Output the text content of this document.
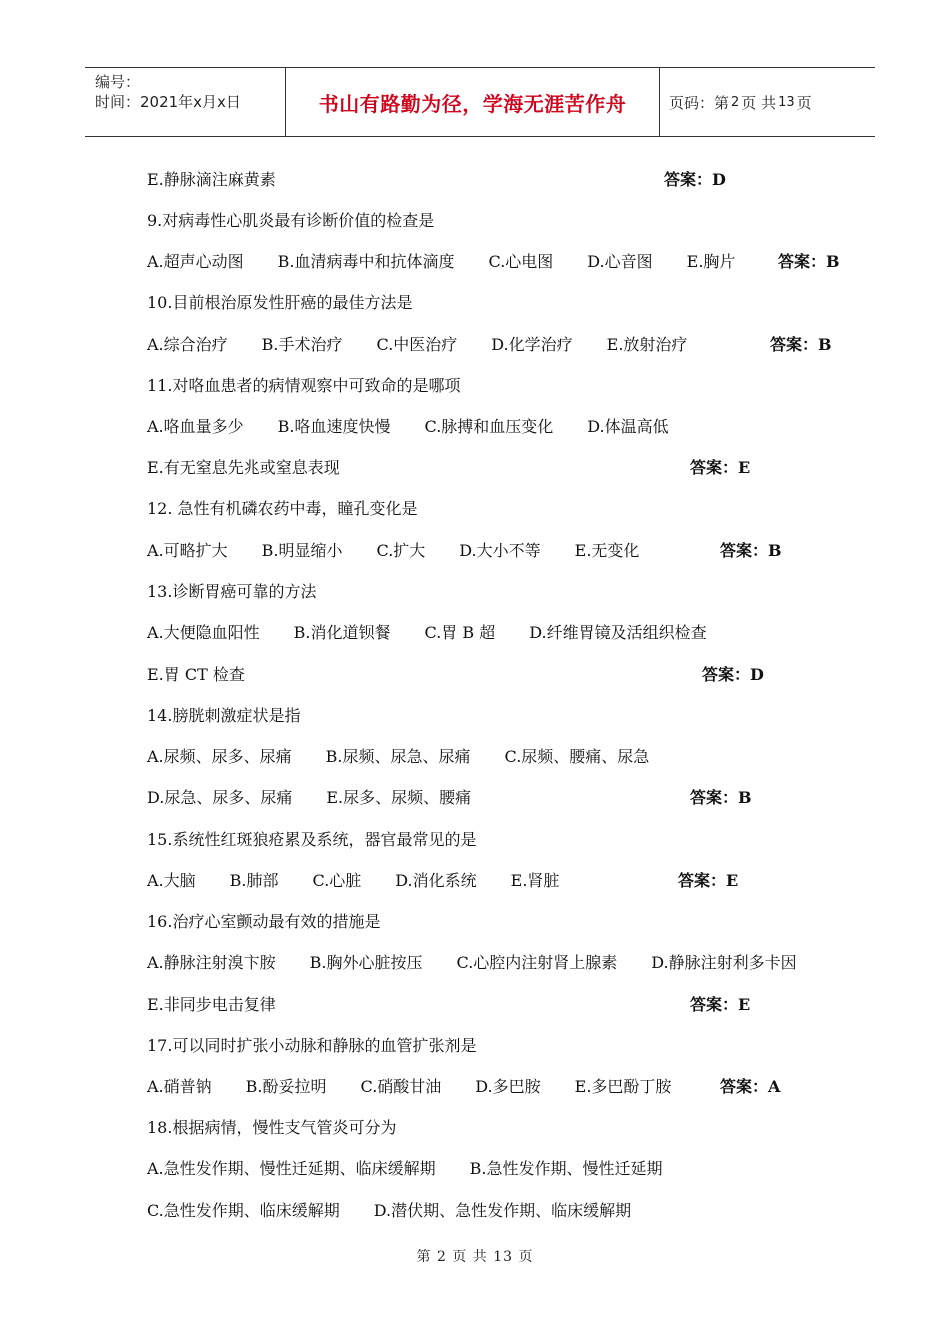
编号：
时间：2021年x月x日	书山有路勤为径，学海无涯苦作舟	页码：第 2 页 共 13 页
E.静脉滴注麻黄素	答案：D
9.对病毒性心肌炎最有诊断价值的检查是
A.超声心动图 B.血清病毒中和抗体滴度 C.心电图 D.心音图 E.胸片	答案：B
10.目前根治原发性肝癌的最佳方法是
A.综合治疗 B.手术治疗 C.中医治疗 D.化学治疗 E.放射治疗	答案：B
11.对咯血患者的病情观察中可致命的是哪项
A.咯血量多少 B.咯血速度快慢 C.脉搏和血压变化 D.体温高低
E.有无窒息先兆或窒息表现	答案：E
12. 急性有机磷农药中毒，瞳孔变化是
A.可略扩大 B.明显缩小 C.扩大 D.大小不等 E.无变化	答案：B
13.诊断胃癌可靠的方法
A.大便隐血阳性 B.消化道钡餐 C.胃 B 超 D.纤维胃镜及活组织检查
E.胃 CT 检查	答案：D
14.膀胱刺激症状是指
A.尿频、尿多、尿痛 B.尿频、尿急、尿痛 C.尿频、腰痛、尿急
D.尿急、尿多、尿痛 E.尿多、尿频、腰痛	答案：B
15.系统性红斑狼疮累及系统，器官最常见的是
A.大脑 B.肺部 C.心脏 D.消化系统 E.肾脏	答案：E
16.治疗心室颤动最有效的措施是
A.静脉注射溴卞胺 B.胸外心脏按压 C.心腔内注射肾上腺素 D.静脉注射利多卡因
E.非同步电击复律	答案：E
17.可以同时扩张小动脉和静脉的血管扩张剂是
A.硝普钠 B.酚妥拉明 C.硝酸甘油 D.多巴胺 E.多巴酚丁胺	答案：A
18.根据病情，慢性支气管炎可分为
A.急性发作期、慢性迁延期、临床缓解期 B.急性发作期、慢性迁延期
C.急性发作期、临床缓解期 D.潜伏期、急性发作期、临床缓解期
第 2 页 共 13 页
